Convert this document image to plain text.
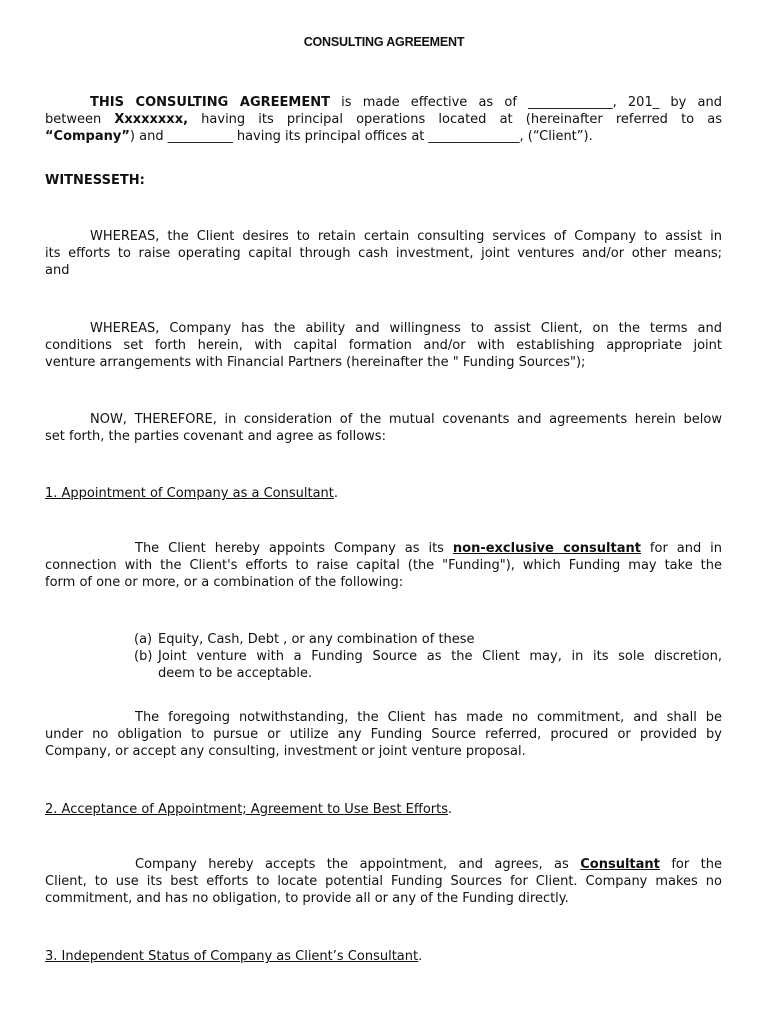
CONSULTING AGREEMENT
THIS CONSULTING AGREEMENT is made effective as of _____________, 201_ by and
between Xxxxxxxx, having its principal operations located at (hereinafter referred to as
“Company”) and __________ having its principal offices at ______________, (“Client”).
WITNESSETH:
WHEREAS, the Client desires to retain certain consulting services of Company to assist in
its efforts to raise operating capital through cash investment, joint ventures and/or other means;
and
WHEREAS, Company has the ability and willingness to assist Client, on the terms and
conditions set forth herein, with capital formation and/or with establishing appropriate joint
venture arrangements with Financial Partners (hereinafter the " Funding Sources");
NOW, THEREFORE, in consideration of the mutual covenants and agreements herein below
set forth, the parties covenant and agree as follows:
1. Appointment of Company as a Consultant.
The Client hereby appoints Company as its non-exclusive consultant for and in
connection with the Client's efforts to raise capital (the "Funding"), which Funding may take the
form of one or more, or a combination of the following:
(a) Equity, Cash, Debt , or any combination of these
(b) Joint venture with a Funding Source as the Client may, in its sole discretion,
deem to be acceptable.
The foregoing notwithstanding, the Client has made no commitment, and shall be
under no obligation to pursue or utilize any Funding Source referred, procured or provided by
Company, or accept any consulting, investment or joint venture proposal.
2. Acceptance of Appointment; Agreement to Use Best Efforts.
Company hereby accepts the appointment, and agrees, as Consultant for the
Client, to use its best efforts to locate potential Funding Sources for Client. Company makes no
commitment, and has no obligation, to provide all or any of the Funding directly.
3. Independent Status of Company as Client’s Consultant.
